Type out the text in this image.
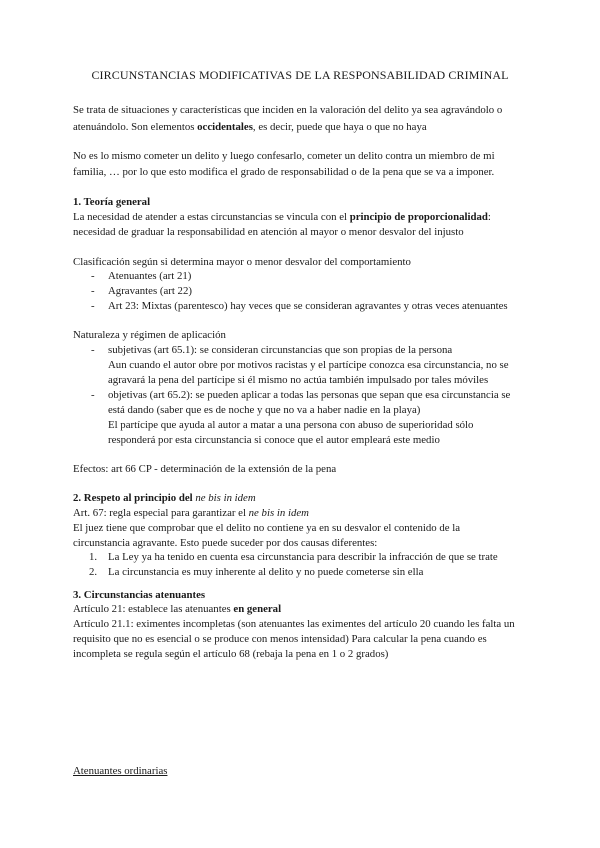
CIRCUNSTANCIAS MODIFICATIVAS DE LA RESPONSABILIDAD CRIMINAL
Se trata de situaciones y características que inciden en la valoración del delito ya sea agravándolo o
atenuándolo. Son elementos occidentales, es decir, puede que haya o que no haya
No es lo mismo cometer un delito y luego confesarlo, cometer un delito contra un miembro de mi
familia, … por lo que esto modifica el grado de responsabilidad o de la pena que se va a imponer.
1. Teoría general
La necesidad de atender a estas circunstancias se vincula con el principio de proporcionalidad:
necesidad de graduar la responsabilidad en atención al mayor o menor desvalor del injusto
Clasificación según si determina mayor o menor desvalor del comportamiento
- Atenuantes (art 21)
- Agravantes (art 22)
- Art 23: Mixtas (parentesco) hay veces que se consideran agravantes y otras veces atenuantes
Naturaleza y régimen de aplicación
- subjetivas (art 65.1): se consideran circunstancias que son propias de la persona
Aun cuando el autor obre por motivos racistas y el partícipe conozca esa circunstancia, no se
agravará la pena del partícipe si él mismo no actúa también impulsado por tales móviles
- objetivas (art 65.2): se pueden aplicar a todas las personas que sepan que esa circunstancia se
está dando (saber que es de noche y que no va a haber nadie en la playa)
El partícipe que ayuda al autor a matar a una persona con abuso de superioridad sólo
responderá por esta circunstancia si conoce que el autor empleará este medio
Efectos: art 66 CP - determinación de la extensión de la pena
2. Respeto al principio del ne bis in idem
Art. 67: regla especial para garantizar el ne bis in idem
El juez tiene que comprobar que el delito no contiene ya en su desvalor el contenido de la
circunstancia agravante. Esto puede suceder por dos causas diferentes:
1. La Ley ya ha tenido en cuenta esa circunstancia para describir la infracción de que se trate
2. La circunstancia es muy inherente al delito y no puede cometerse sin ella
3. Circunstancias atenuantes
Artículo 21: establece las atenuantes en general
Artículo 21.1: eximentes incompletas (son atenuantes las eximentes del artículo 20 cuando les falta un
requisito que no es esencial o se produce con menos intensidad) Para calcular la pena cuando es
incompleta se regula según el artículo 68 (rebaja la pena en 1 o 2 grados)
Atenuantes ordinarias
